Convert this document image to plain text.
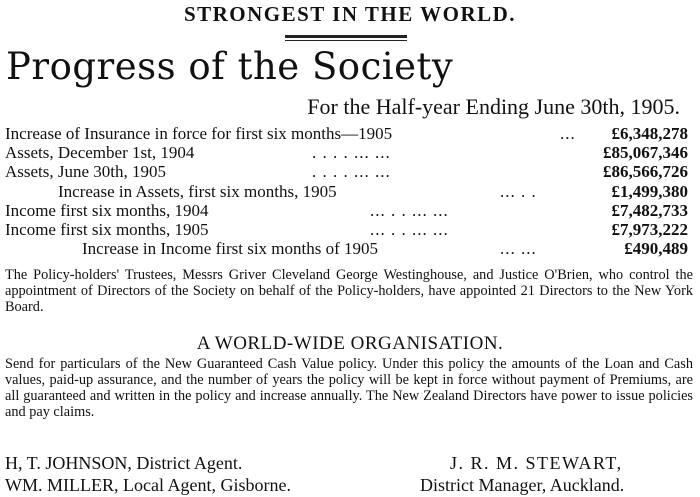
STRONGEST IN THE WORLD.
Progress of the Society
For the Half-year Ending June 30th, 1905.
Increase of Insurance in force for first six months—1905	... £6,348,278
Assets, December 1st, 1904	. . . . ... ...	£85,067,346
Assets, June 30th, 1905	. . . . ... ...	£86,566,726
Increase in Assets, first six months, 1905	... . .	£1,499,380
Income first six months, 1904	... . . ... ...	£7,482,733
Income first six months, 1905	... . . ... ...	£7,973,222
Increase in Income first six months of 1905	... ...	£490,489
The Policy-holders' Trustees, Messrs Griver Cleveland George Westinghouse, and Justice O'Brien, who control the appointment of Directors of the Society on behalf of the Policy-holders, have appointed 21 Directors to the New York Board.
A WORLD-WIDE ORGANISATION.
Send for particulars of the New Guaranteed Cash Value policy. Under this policy the amounts of the Loan and Cash values, paid-up assurance, and the number of years the policy will be kept in force without payment of Premiums, are all guaranteed and written in the policy and increase annually. The New Zealand Directors have power to issue policies and pay claims.
H, T. JOHNSON, District Agent.
WM. MILLER, Local Agent, Gisborne.
J. R. M. STEWART,
District Manager, Auckland.
